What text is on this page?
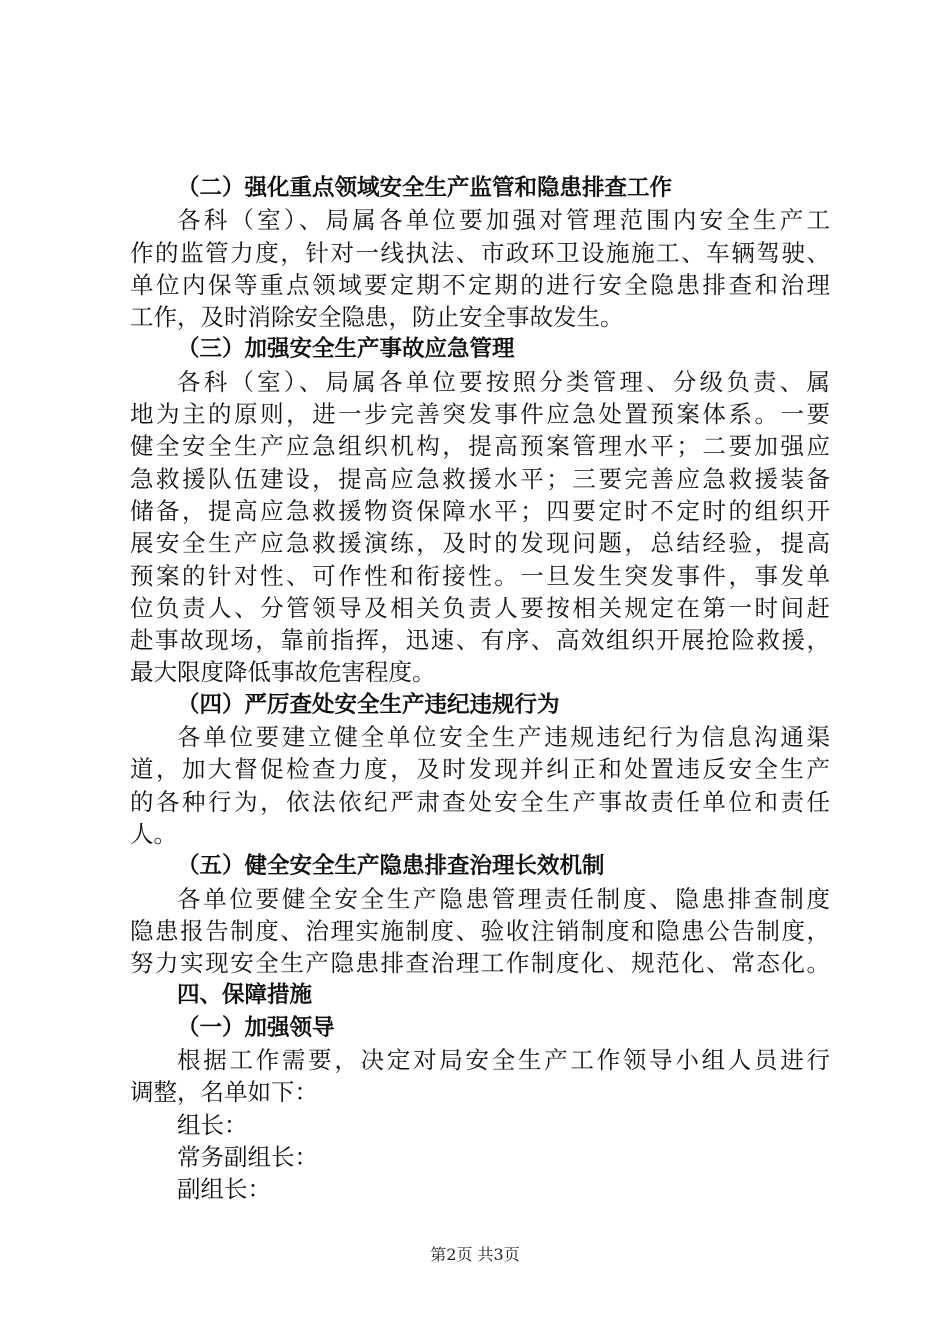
（二）强化重点领域安全生产监管和隐患排查工作
各科（室）、局属各单位要加强对管理范围内安全生产工
作的监管力度，针对一线执法、市政环卫设施施工、车辆驾驶、
单位内保等重点领域要定期不定期的进行安全隐患排查和治理
工作，及时消除安全隐患，防止安全事故发生。
（三）加强安全生产事故应急管理
各科（室）、局属各单位要按照分类管理、分级负责、属
地为主的原则，进一步完善突发事件应急处置预案体系。一要
健全安全生产应急组织机构，提高预案管理水平；二要加强应
急救援队伍建设，提高应急救援水平；三要完善应急救援装备
储备，提高应急救援物资保障水平；四要定时不定时的组织开
展安全生产应急救援演练，及时的发现问题，总结经验，提高
预案的针对性、可作性和衔接性。一旦发生突发事件，事发单
位负责人、分管领导及相关负责人要按相关规定在第一时间赶
赴事故现场，靠前指挥，迅速、有序、高效组织开展抢险救援，
最大限度降低事故危害程度。
（四）严厉查处安全生产违纪违规行为
各单位要建立健全单位安全生产违规违纪行为信息沟通渠
道，加大督促检查力度，及时发现并纠正和处置违反安全生产
的各种行为，依法依纪严肃查处安全生产事故责任单位和责任
人。
（五）健全安全生产隐患排查治理长效机制
各单位要健全安全生产隐患管理责任制度、隐患排查制度
隐患报告制度、治理实施制度、验收注销制度和隐患公告制度，
努力实现安全生产隐患排查治理工作制度化、规范化、常态化。
四、保障措施
（一）加强领导
根据工作需要，决定对局安全生产工作领导小组人员进行
调整，名单如下：
组长：
常务副组长：
副组长：
第2页 共3页
